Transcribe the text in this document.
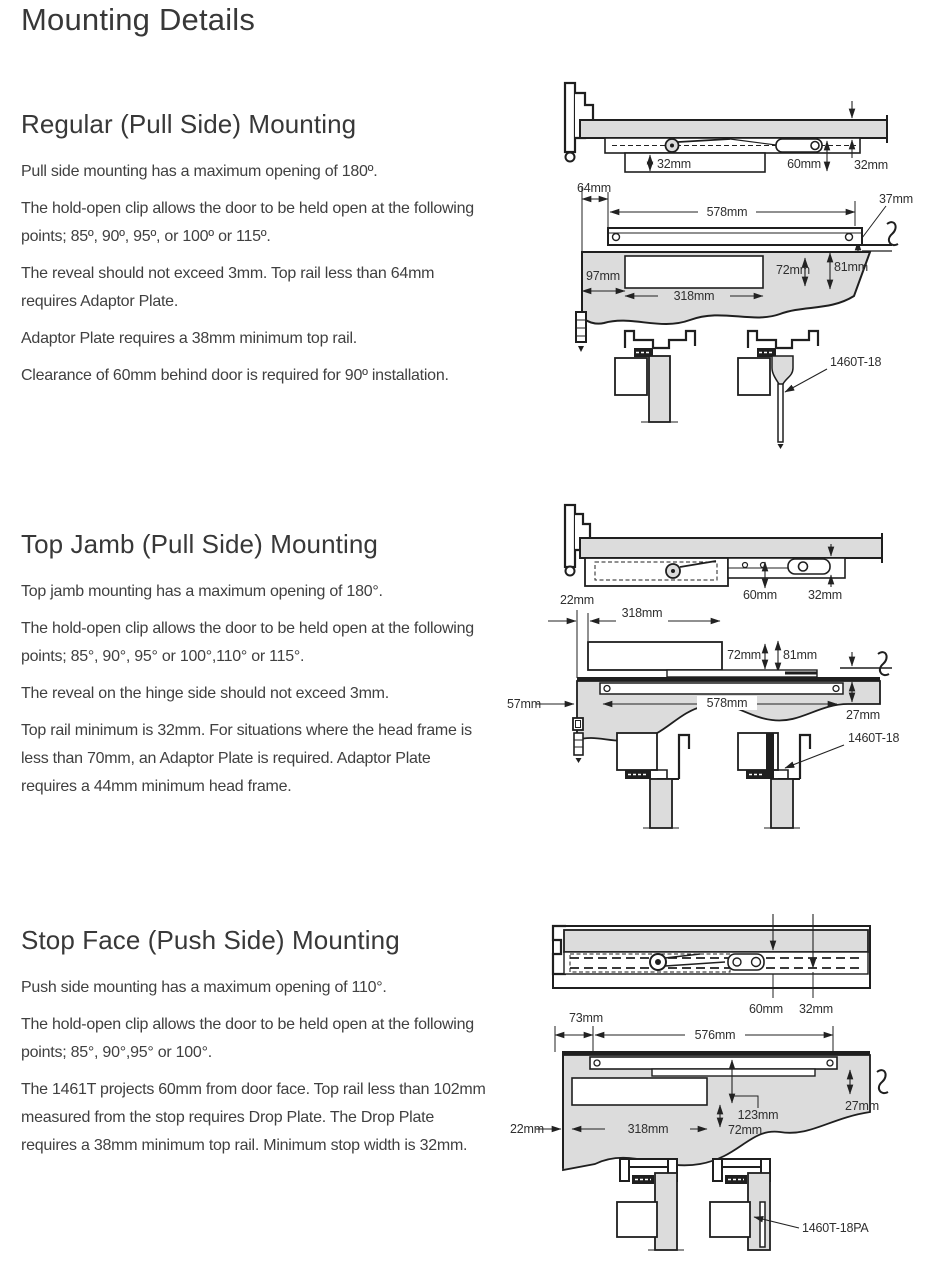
Mounting Details
Regular (Pull Side) Mounting

Pull side mounting has a maximum opening of 180º.

The hold-open clip allows the door to be held open at the following points; 85º, 90º, 95º, or 100º or 115º.

The reveal should not exceed 3mm. Top rail less than 64mm requires Adaptor Plate.

Adaptor Plate requires a 38mm minimum top rail.

Clearance of 60mm behind door is required for 90º installation.

32mm	60mm	32mm
64mm
578mm
37mm
97mm	72mm 81mm
318mm
1460T-18
Top Jamb (Pull Side) Mounting

Top jamb mounting has a maximum opening of 180°.

The hold-open clip allows the door to be held open at the following points; 85°, 90°, 95° or 100°,110° or 115°.

The reveal on the hinge side should not exceed 3mm.

Top rail minimum is 32mm. For situations where the head frame is less than 70mm, an Adaptor Plate is required. Adaptor Plate requires a 44mm minimum head frame.

60mm 32mm
22mm
318mm
72mm 81mm
57mm	578mm
27mm
1460T-18
Stop Face (Push Side) Mounting

Push side mounting has a maximum opening of 110°.

The hold-open clip allows the door to be held open at the following points; 85°, 90°,95° or 100°.

The 1461T projects 60mm from door face. Top rail less than 102mm measured from the stop requires Drop Plate. The Drop Plate requires a 38mm minimum top rail. Minimum stop width is 32mm.

60mm 32mm
73mm
576mm
27mm
123mm
72mm
318mm
22mm
1460T-18PA
